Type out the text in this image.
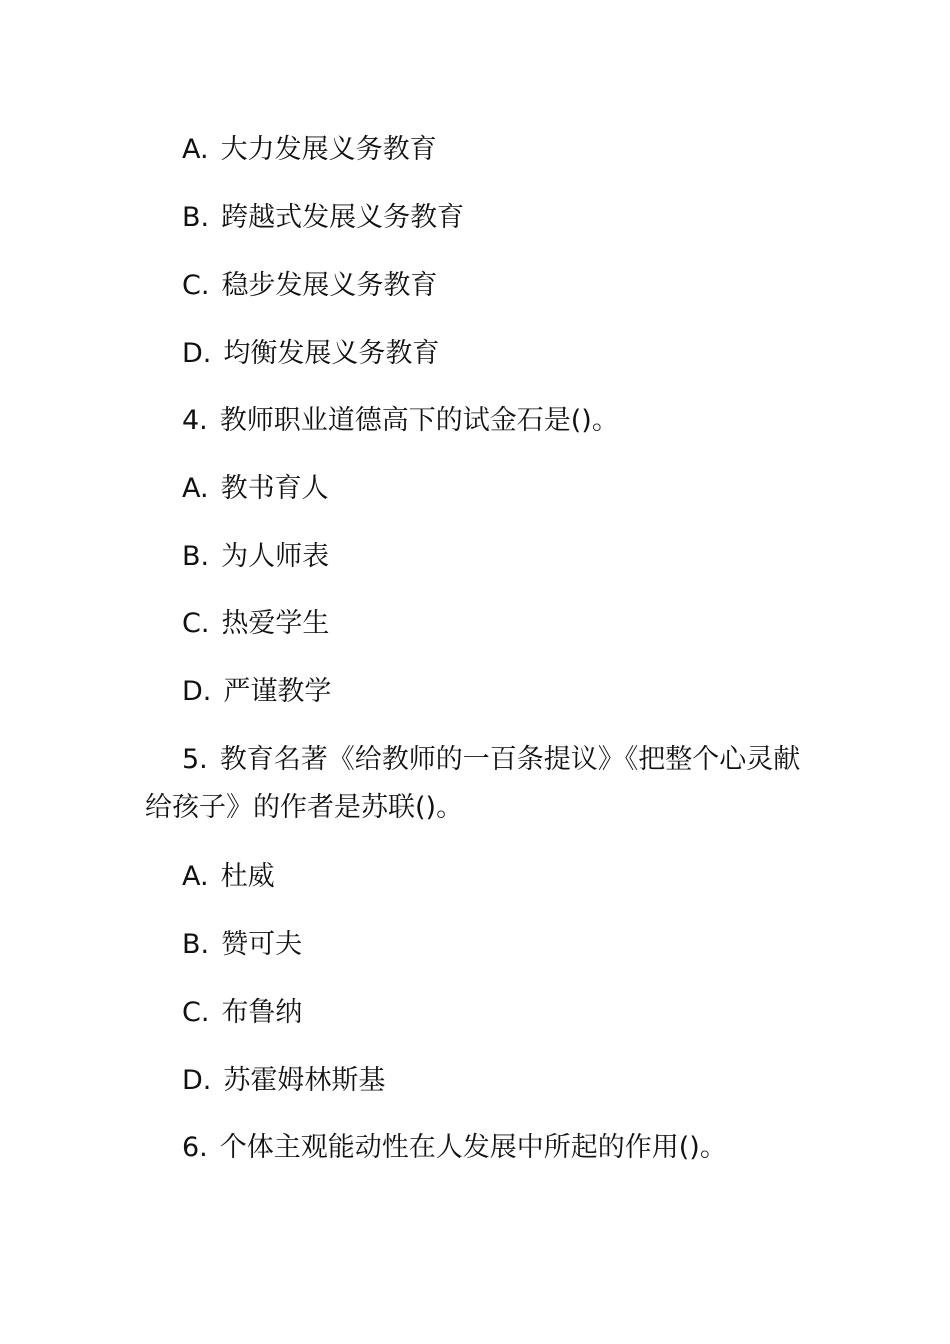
A. 大力发展义务教育
B. 跨越式发展义务教育
C. 稳步发展义务教育
D. 均衡发展义务教育
4. 教师职业道德高下的试金石是()。
A. 教书育人
B. 为人师表
C. 热爱学生
D. 严谨教学
5. 教育名著《给教师的一百条提议》《把整个心灵献给孩子》的作者是苏联()。
A. 杜威
B. 赞可夫
C. 布鲁纳
D. 苏霍姆林斯基
6. 个体主观能动性在人发展中所起的作用()。
